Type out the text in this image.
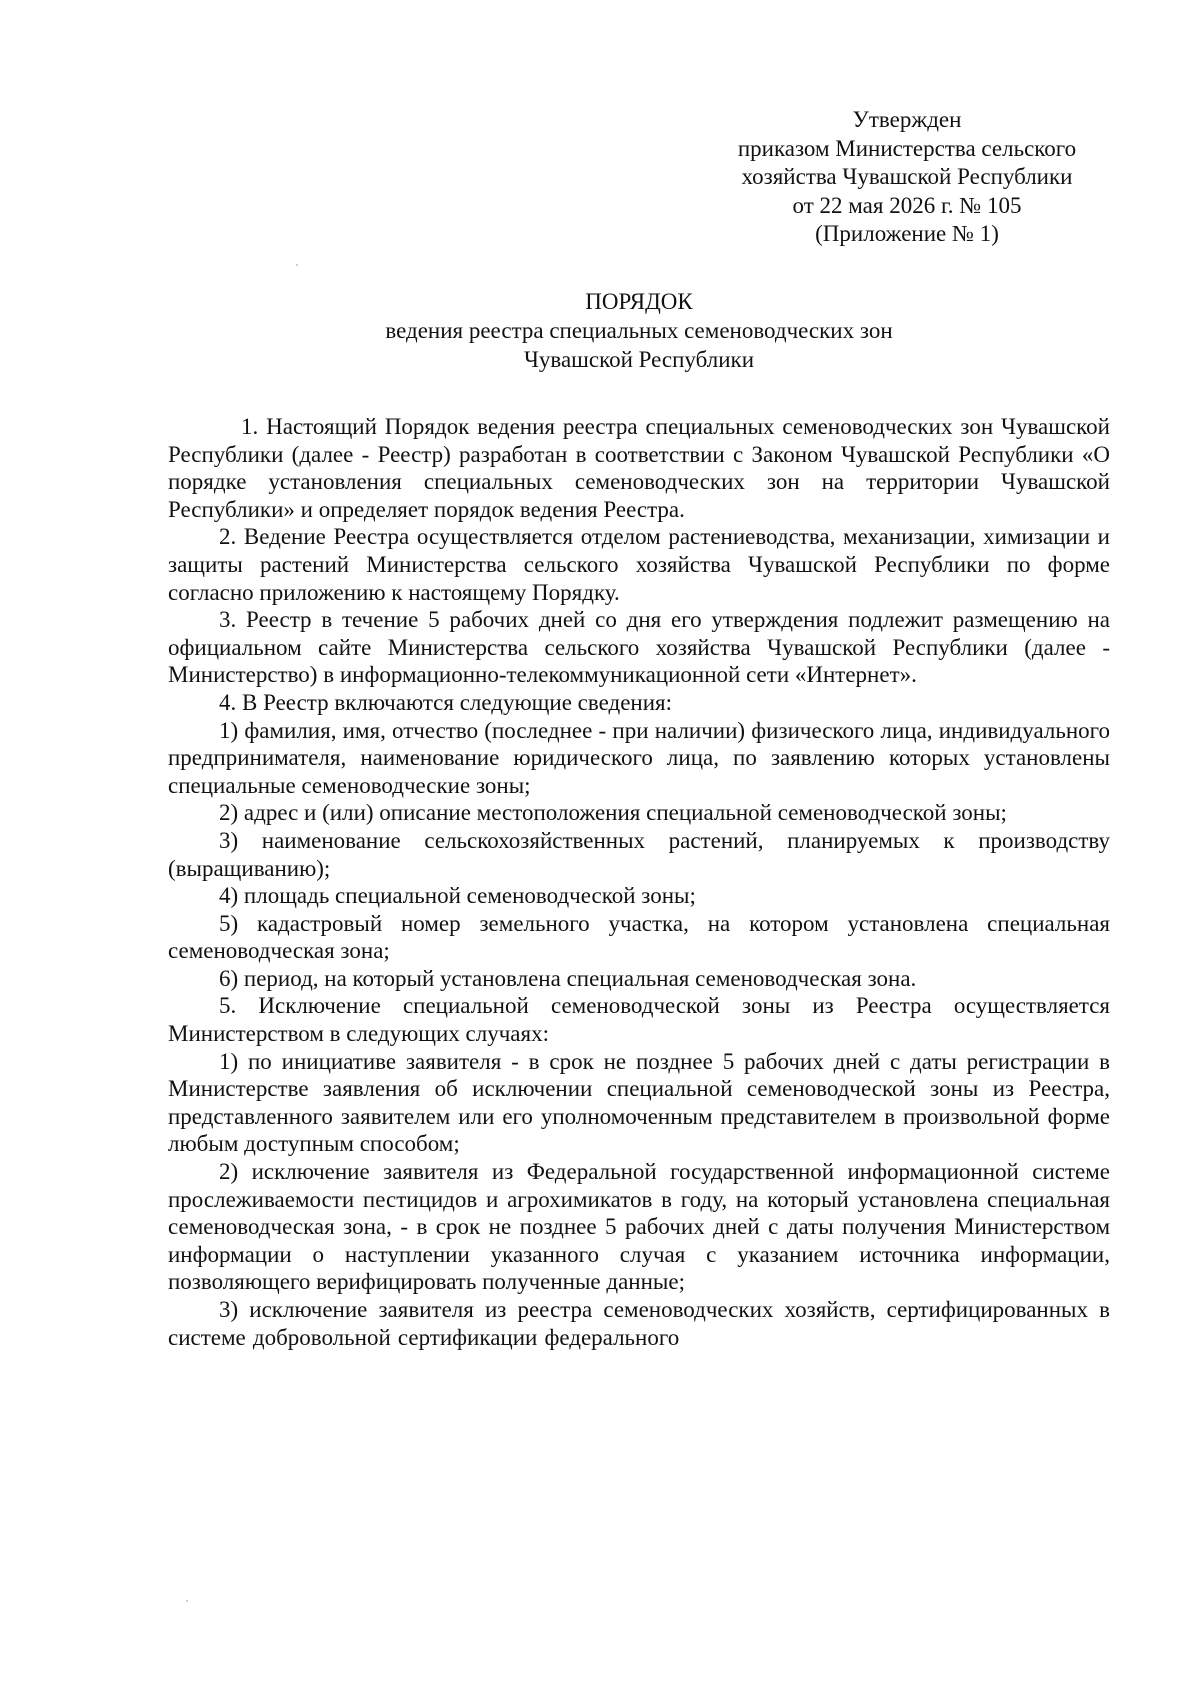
Утвержден
приказом Министерства сельского
хозяйства Чувашской Республики
от 22 мая 2026 г. № 105
(Приложение № 1)
ПОРЯДОК
ведения реестра специальных семеноводческих зон
Чувашской Республики

1. Настоящий Порядок ведения реестра специальных семеноводческих зон Чувашской Республики (далее - Реестр) разработан в соответствии с Законом Чувашской Республики «О порядке установления специальных семеноводческих зон на территории Чувашской Республики» и определяет порядок ведения Реестра.

2. Ведение Реестра осуществляется отделом растениеводства, механизации, химизации и защиты растений Министерства сельского хозяйства Чувашской Республики по форме согласно приложению к настоящему Порядку.

3. Реестр в течение 5 рабочих дней со дня его утверждения подлежит размещению на официальном сайте Министерства сельского хозяйства Чувашской Республики (далее - Министерство) в информационно-телекоммуникационной сети «Интернет».

4. В Реестр включаются следующие сведения:

1) фамилия, имя, отчество (последнее - при наличии) физического лица, индивидуального предпринимателя, наименование юридического лица, по заявлению которых установлены специальные семеноводческие зоны;

2) адрес и (или) описание местоположения специальной семеноводческой зоны;

3) наименование сельскохозяйственных растений, планируемых к производству (выращиванию);

4) площадь специальной семеноводческой зоны;

5) кадастровый номер земельного участка, на котором установлена специальная семеноводческая зона;

6) период, на который установлена специальная семеноводческая зона.

5. Исключение специальной семеноводческой зоны из Реестра осуществляется Министерством в следующих случаях:

1) по инициативе заявителя - в срок не позднее 5 рабочих дней с даты регистрации в Министерстве заявления об исключении специальной семеноводческой зоны из Реестра, представленного заявителем или его уполномоченным представителем в произвольной форме любым доступным способом;

2) исключение заявителя из Федеральной государственной информационной системе прослеживаемости пестицидов и агрохимикатов в году, на который установлена специальная семеноводческая зона, - в срок не позднее 5 рабочих дней с даты получения Министерством информации о наступлении указанного случая с указанием источника информации, позволяющего верифицировать полученные данные;

3) исключение заявителя из реестра семеноводческих хозяйств, сертифицированных в системе добровольной сертификации федерального
